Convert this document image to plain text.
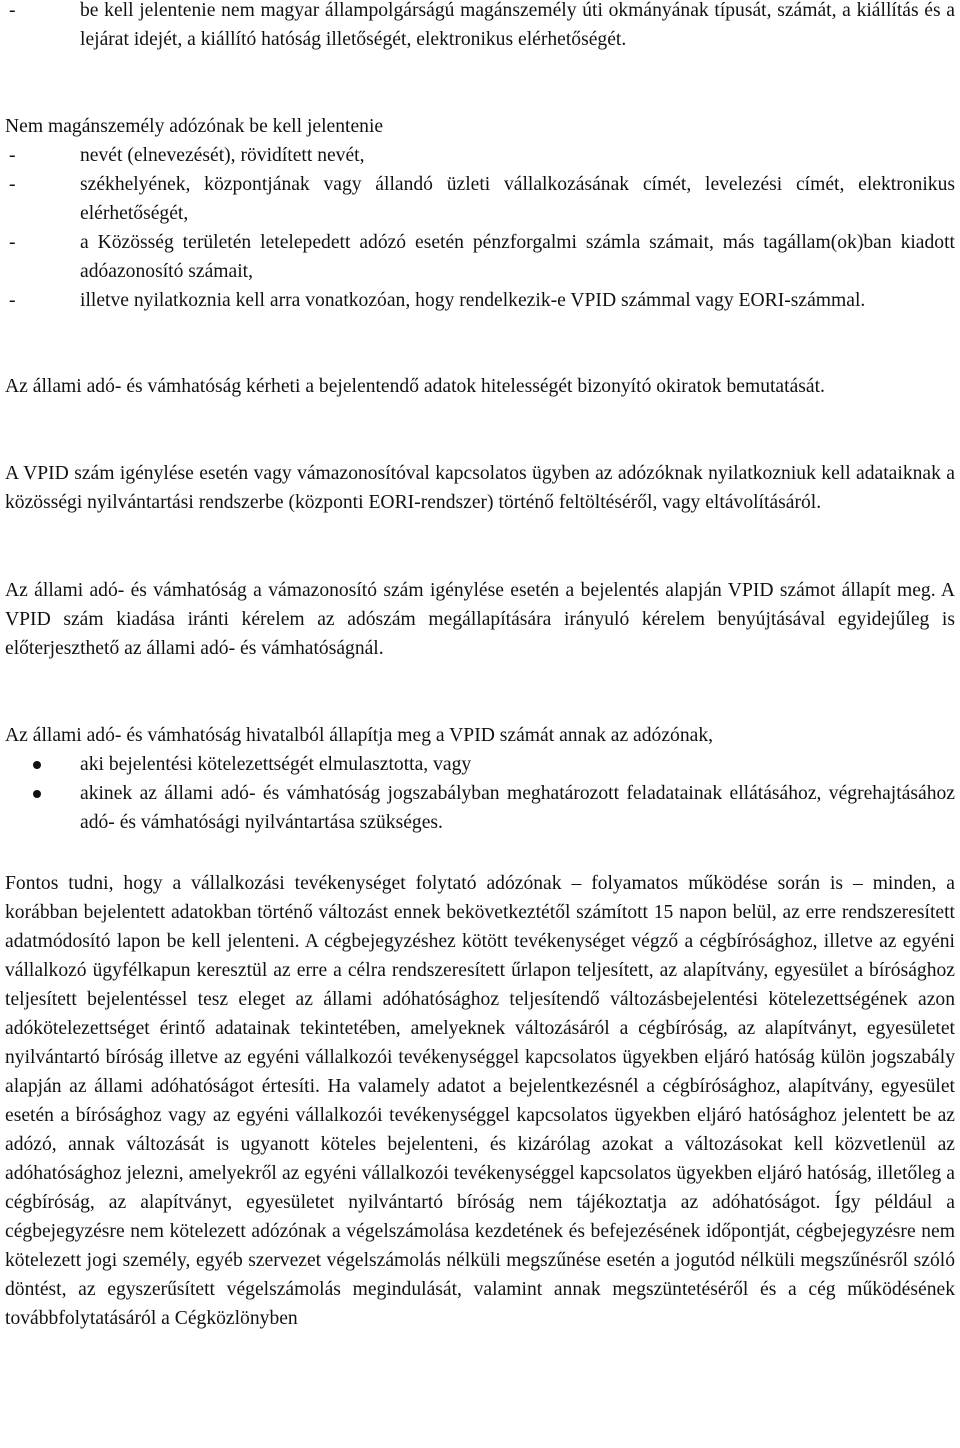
-	be kell jelentenie nem magyar állampolgárságú magánszemély úti okmányának típusát, számát, a kiállítás és a lejárat idejét, a kiállító hatóság illetőségét, elektronikus elérhetőségét.

Nem magánszemély adózónak be kell jelentenie

-	nevét (elnevezését), rövidített nevét,

-	székhelyének, központjának vagy állandó üzleti vállalkozásának címét, levelezési címét, elektronikus elérhetőségét,

-	a Közösség területén letelepedett adózó esetén pénzforgalmi számla számait, más tagállam(ok)ban kiadott adóazonosító számait,

-	illetve nyilatkoznia kell arra vonatkozóan, hogy rendelkezik-e VPID számmal vagy EORI-számmal.

Az állami adó- és vámhatóság kérheti a bejelentendő adatok hitelességét bizonyító okiratok bemutatását.

A VPID szám igénylése esetén vagy vámazonosítóval kapcsolatos ügyben az adózóknak nyilatkozniuk kell adataiknak a közösségi nyilvántartási rendszerbe (központi EORI-rendszer) történő feltöltéséről, vagy eltávolításáról.

Az állami adó- és vámhatóság a vámazonosító szám igénylése esetén a bejelentés alapján VPID számot állapít meg. A VPID szám kiadása iránti kérelem az adószám megállapítására irányuló kérelem benyújtásával egyidejűleg is előterjeszthető az állami adó- és vámhatóságnál.

Az állami adó- és vámhatóság hivatalból állapítja meg a VPID számát annak az adózónak,

aki bejelentési kötelezettségét elmulasztotta, vagy

akinek az állami adó- és vámhatóság jogszabályban meghatározott feladatainak ellátásához, végrehajtásához adó- és vámhatósági nyilvántartása szükséges.

Fontos tudni, hogy a vállalkozási tevékenységet folytató adózónak – folyamatos működése során is – minden, a korábban bejelentett adatokban történő változást ennek bekövetkeztétől számított 15 napon belül, az erre rendszeresített adatmódosító lapon be kell jelenteni. A cégbejegyzéshez kötött tevékenységet végző a cégbírósághoz, illetve az egyéni vállalkozó ügyfélkapun keresztül az erre a célra rendszeresített űrlapon teljesített, az alapítvány, egyesület a bírósághoz teljesített bejelentéssel tesz eleget az állami adóhatósághoz teljesítendő változásbejelentési kötelezettségének azon adókötelezettséget érintő adatainak tekintetében, amelyeknek változásáról a cégbíróság, az alapítványt, egyesületet nyilvántartó bíróság illetve az egyéni vállalkozói tevékenységgel kapcsolatos ügyekben eljáró hatóság külön jogszabály alapján az állami adóhatóságot értesíti. Ha valamely adatot a bejelentkezésnél a cégbírósághoz, alapítvány, egyesület esetén a bírósághoz vagy az egyéni vállalkozói tevékenységgel kapcsolatos ügyekben eljáró hatósághoz jelentett be az adózó, annak változását is ugyanott köteles bejelenteni, és kizárólag azokat a változásokat kell közvetlenül az adóhatósághoz jelezni, amelyekről az egyéni vállalkozói tevékenységgel kapcsolatos ügyekben eljáró hatóság, illetőleg a cégbíróság, az alapítványt, egyesületet nyilvántartó bíróság nem tájékoztatja az adóhatóságot. Így például a cégbejegyzésre nem kötelezett adózónak a végelszámolása kezdetének és befejezésének időpontját, cégbejegyzésre nem kötelezett jogi személy, egyéb szervezet végelszámolás nélküli megszűnése esetén a jogutód nélküli megszűnésről szóló döntést, az egyszerűsített végelszámolás megindulását, valamint annak megszüntetéséről és a cég működésének továbbfolytatásáról a Cégközlönyben
